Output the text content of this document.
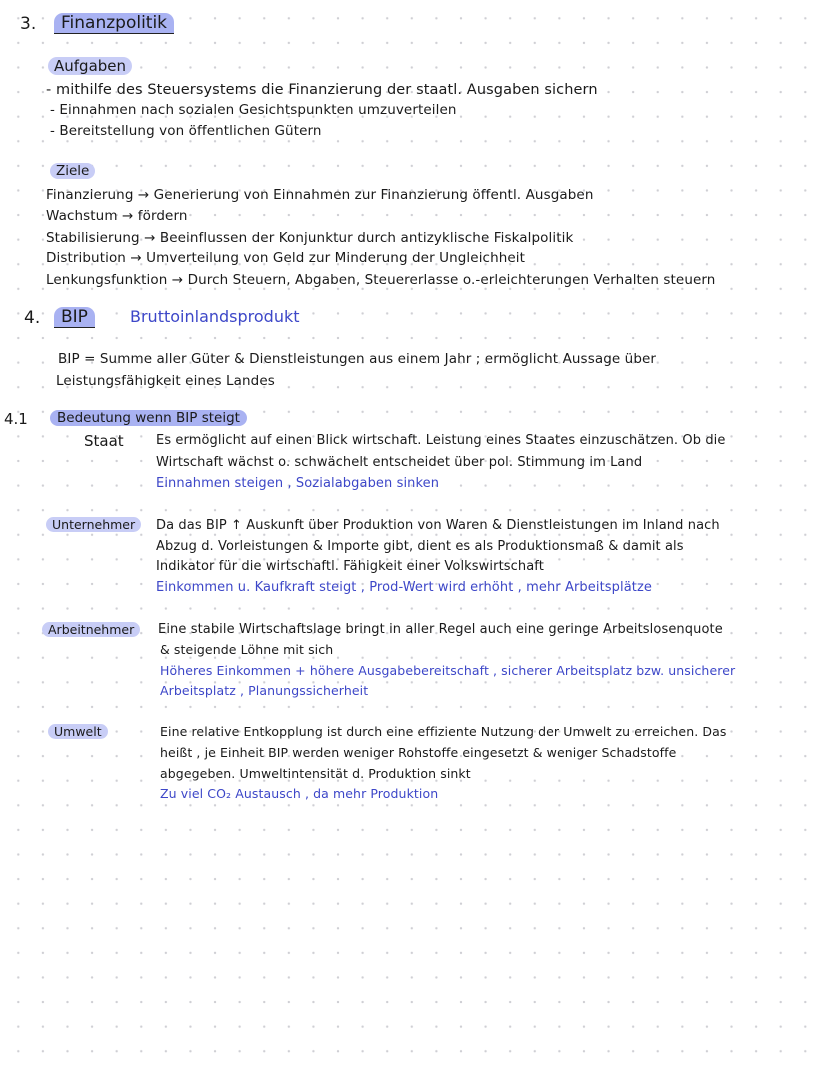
3.	Finanzpolitik
Aufgaben
- mithilfe des Steuersystems die Finanzierung der staatl. Ausgaben sichern
- Einnahmen nach sozialen Gesichtspunkten umzuverteilen
- Bereitstellung von öffentlichen Gütern
Ziele
Finanzierung → Generierung von Einnahmen zur Finanzierung öffentl. Ausgaben
Wachstum → fördern
Stabilisierung → Beeinflussen der Konjunktur durch antizyklische Fiskalpolitik
Distribution → Umverteilung von Geld zur Minderung der Ungleichheit
Lenkungsfunktion → Durch Steuern, Abgaben, Steuererlasse o.-erleichterungen Verhalten steuern
4.	BIP	Bruttoinlandsprodukt
BIP = Summe aller Güter & Dienstleistungen aus einem Jahr ; ermöglicht Aussage über
Leistungsfähigkeit eines Landes
4.1	Bedeutung wenn BIP steigt
Staat Es ermöglicht auf einen Blick wirtschaft. Leistung eines Staates einzuschätzen. Ob die
Wirtschaft wächst o. schwächelt entscheidet über pol. Stimmung im Land
Einnahmen steigen , Sozialabgaben sinken
Unternehmer	Da das BIP ↑ Auskunft über Produktion von Waren & Dienstleistungen im Inland nach
Abzug d. Vorleistungen & Importe gibt, dient es als Produktionsmaß & damit als
Indikator für die wirtschaftl. Fähigkeit einer Volkswirtschaft
Einkommen u. Kaufkraft steigt , Prod-Wert wird erhöht , mehr Arbeitsplätze
Arbeitnehmer	Eine stabile Wirtschaftslage bringt in aller Regel auch eine geringe Arbeitslosenquote
& steigende Löhne mit sich
Höheres Einkommen + höhere Ausgabebereitschaft , sicherer Arbeitsplatz bzw. unsicherer
Arbeitsplatz , Planungssicherheit
Umwelt	Eine relative Entkopplung ist durch eine effiziente Nutzung der Umwelt zu erreichen. Das
heißt , je Einheit BIP werden weniger Rohstoffe eingesetzt & weniger Schadstoffe
abgegeben. Umweltintensität d. Produktion sinkt
Zu viel CO₂ Austausch , da mehr Produktion
